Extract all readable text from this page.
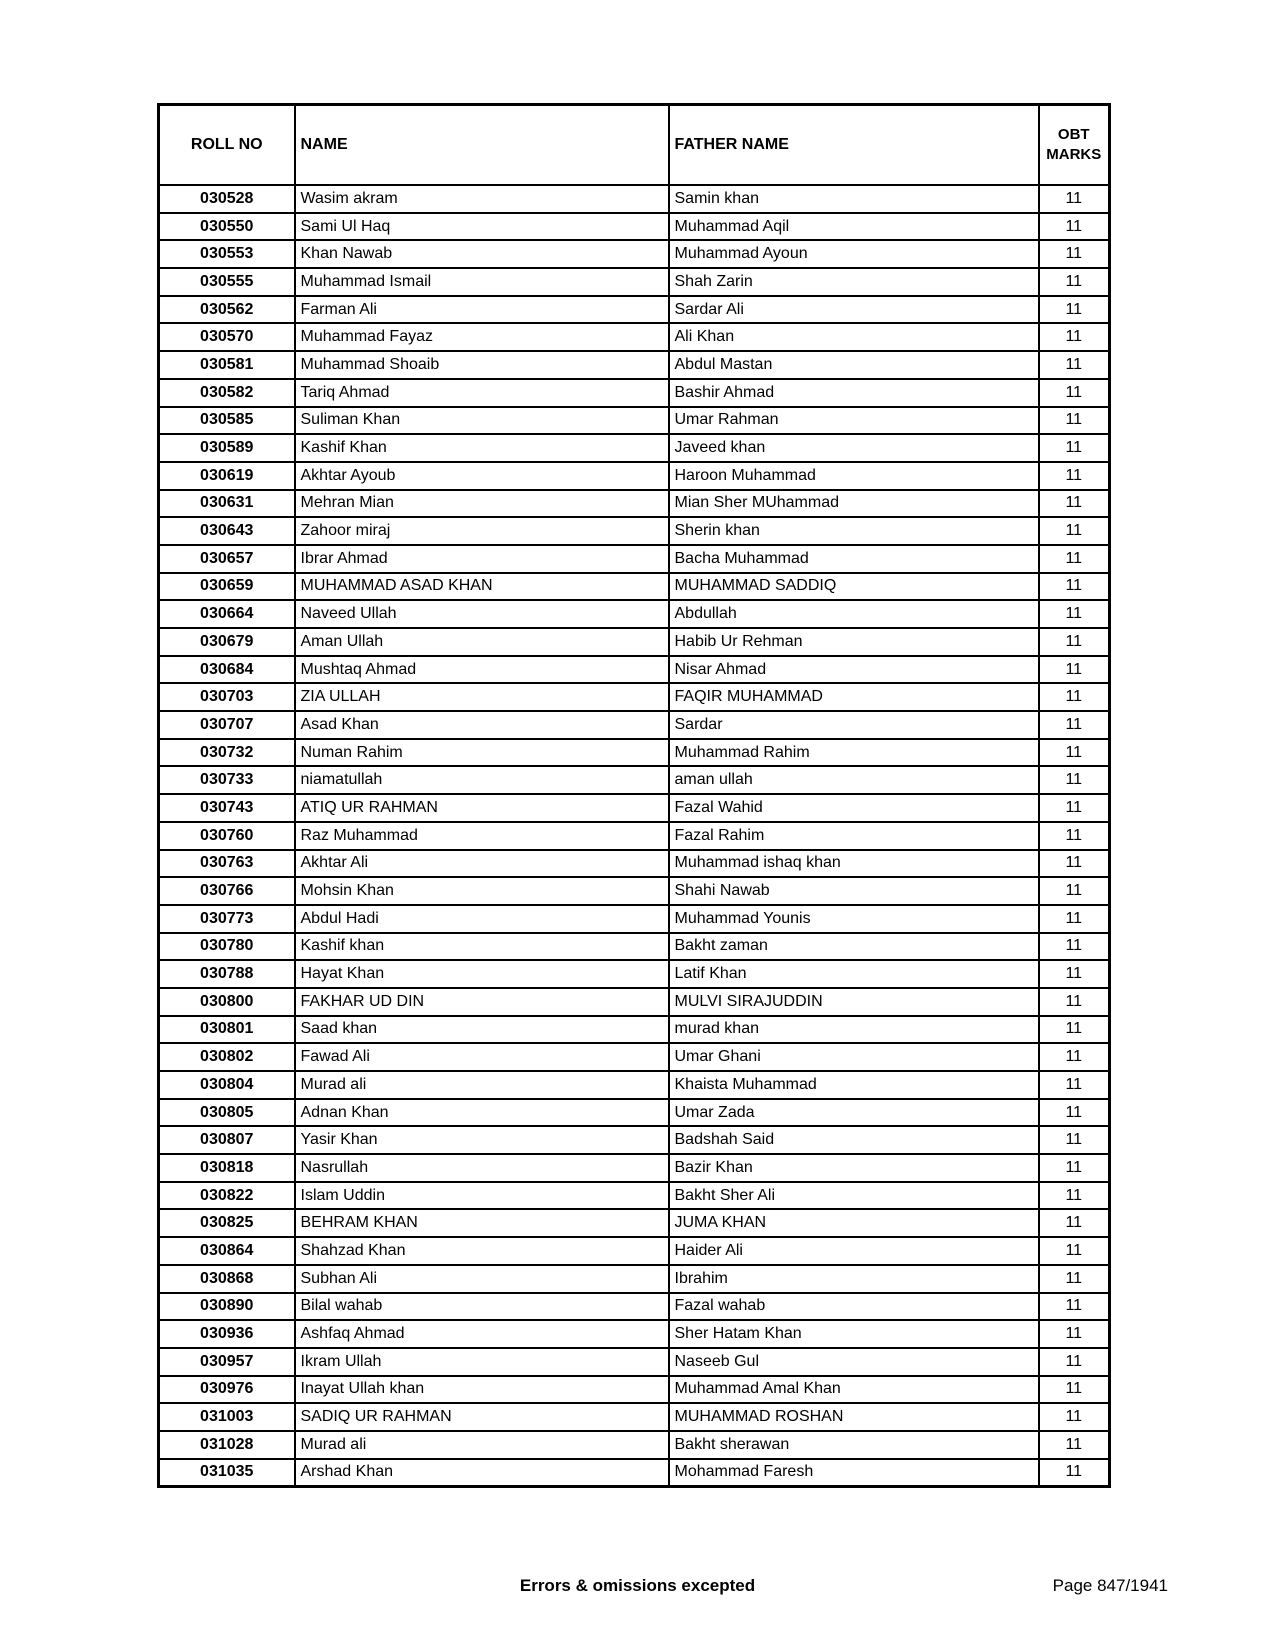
ROLL NO	NAME	FATHER NAME	OBT MARKS
030528	Wasim akram	Samin khan	11
030550	Sami Ul Haq	Muhammad Aqil	11
030553	Khan Nawab	Muhammad Ayoun	11
030555	Muhammad Ismail	Shah Zarin	11
030562	Farman Ali	Sardar Ali	11
030570	Muhammad Fayaz	Ali Khan	11
030581	Muhammad Shoaib	Abdul Mastan	11
030582	Tariq Ahmad	Bashir Ahmad	11
030585	Suliman Khan	Umar Rahman	11
030589	Kashif Khan	Javeed khan	11
030619	Akhtar Ayoub	Haroon Muhammad	11
030631	Mehran Mian	Mian Sher MUhammad	11
030643	Zahoor miraj	Sherin khan	11
030657	Ibrar Ahmad	Bacha Muhammad	11
030659	MUHAMMAD ASAD KHAN	MUHAMMAD SADDIQ	11
030664	Naveed Ullah	Abdullah	11
030679	Aman Ullah	Habib Ur Rehman	11
030684	Mushtaq Ahmad	Nisar Ahmad	11
030703	ZIA ULLAH	FAQIR MUHAMMAD	11
030707	Asad Khan	Sardar	11
030732	Numan Rahim	Muhammad Rahim	11
030733	niamatullah	aman ullah	11
030743	ATIQ UR RAHMAN	Fazal Wahid	11
030760	Raz Muhammad	Fazal Rahim	11
030763	Akhtar Ali	Muhammad ishaq khan	11
030766	Mohsin Khan	Shahi Nawab	11
030773	Abdul Hadi	Muhammad Younis	11
030780	Kashif khan	Bakht zaman	11
030788	Hayat Khan	Latif Khan	11
030800	FAKHAR UD DIN	MULVI SIRAJUDDIN	11
030801	Saad khan	murad khan	11
030802	Fawad Ali	Umar Ghani	11
030804	Murad ali	Khaista Muhammad	11
030805	Adnan Khan	Umar Zada	11
030807	Yasir Khan	Badshah Said	11
030818	Nasrullah	Bazir Khan	11
030822	Islam Uddin	Bakht Sher Ali	11
030825	BEHRAM KHAN	JUMA KHAN	11
030864	Shahzad Khan	Haider Ali	11
030868	Subhan Ali	Ibrahim	11
030890	Bilal wahab	Fazal wahab	11
030936	Ashfaq Ahmad	Sher Hatam Khan	11
030957	Ikram Ullah	Naseeb Gul	11
030976	Inayat Ullah khan	Muhammad Amal Khan	11
031003	SADIQ UR RAHMAN	MUHAMMAD ROSHAN	11
031028	Murad ali	Bakht sherawan	11
031035	Arshad Khan	Mohammad Faresh	11
Errors & omissions excepted	Page 847/1941
